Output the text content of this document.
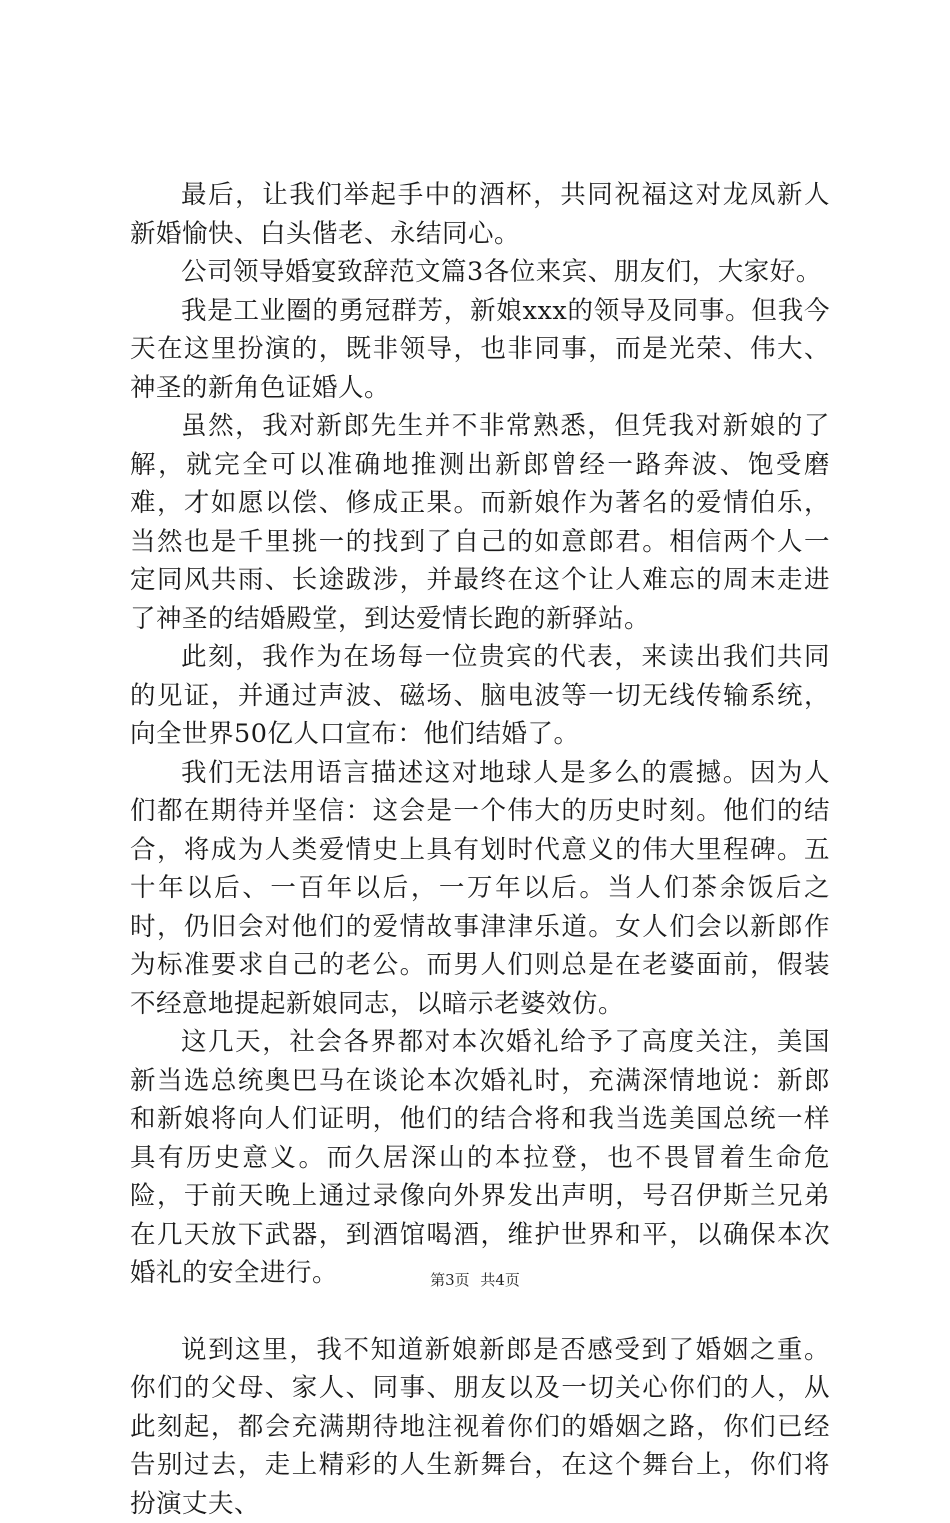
最后，让我们举起手中的酒杯，共同祝福这对龙凤新人新婚愉快、白头偕老、永结同心。

公司领导婚宴致辞范文篇3各位来宾、朋友们，大家好。

我是工业圈的勇冠群芳，新娘xxx的领导及同事。但我今天在这里扮演的，既非领导，也非同事，而是光荣、伟大、神圣的新角色证婚人。

虽然，我对新郎先生并不非常熟悉，但凭我对新娘的了解，就完全可以准确地推测出新郎曾经一路奔波、饱受磨难，才如愿以偿、修成正果。而新娘作为著名的爱情伯乐，当然也是千里挑一的找到了自己的如意郎君。相信两个人一定同风共雨、长途跋涉，并最终在这个让人难忘的周末走进了神圣的结婚殿堂，到达爱情长跑的新驿站。

此刻，我作为在场每一位贵宾的代表，来读出我们共同的见证，并通过声波、磁场、脑电波等一切无线传输系统，向全世界50亿人口宣布：他们结婚了。

我们无法用语言描述这对地球人是多么的震撼。因为人们都在期待并坚信：这会是一个伟大的历史时刻。他们的结合，将成为人类爱情史上具有划时代意义的伟大里程碑。五十年以后、一百年以后，一万年以后。当人们茶余饭后之时，仍旧会对他们的爱情故事津津乐道。女人们会以新郎作为标准要求自己的老公。而男人们则总是在老婆面前，假装不经意地提起新娘同志，以暗示老婆效仿。

这几天，社会各界都对本次婚礼给予了高度关注，美国新当选总统奥巴马在谈论本次婚礼时，充满深情地说：新郎和新娘将向人们证明，他们的结合将和我当选美国总统一样具有历史意义。而久居深山的本拉登，也不畏冒着生命危险，于前天晚上通过录像向外界发出声明，号召伊斯兰兄弟在几天放下武器，到酒馆喝酒，维护世界和平，以确保本次婚礼的安全进行。

说到这里，我不知道新娘新郎是否感受到了婚姻之重。你们的父母、家人、同事、朋友以及一切关心你们的人，从此刻起，都会充满期待地注视着你们的婚姻之路，你们已经告别过去，走上精彩的人生新舞台，在这个舞台上，你们将扮演丈夫、

第3页 共4页
